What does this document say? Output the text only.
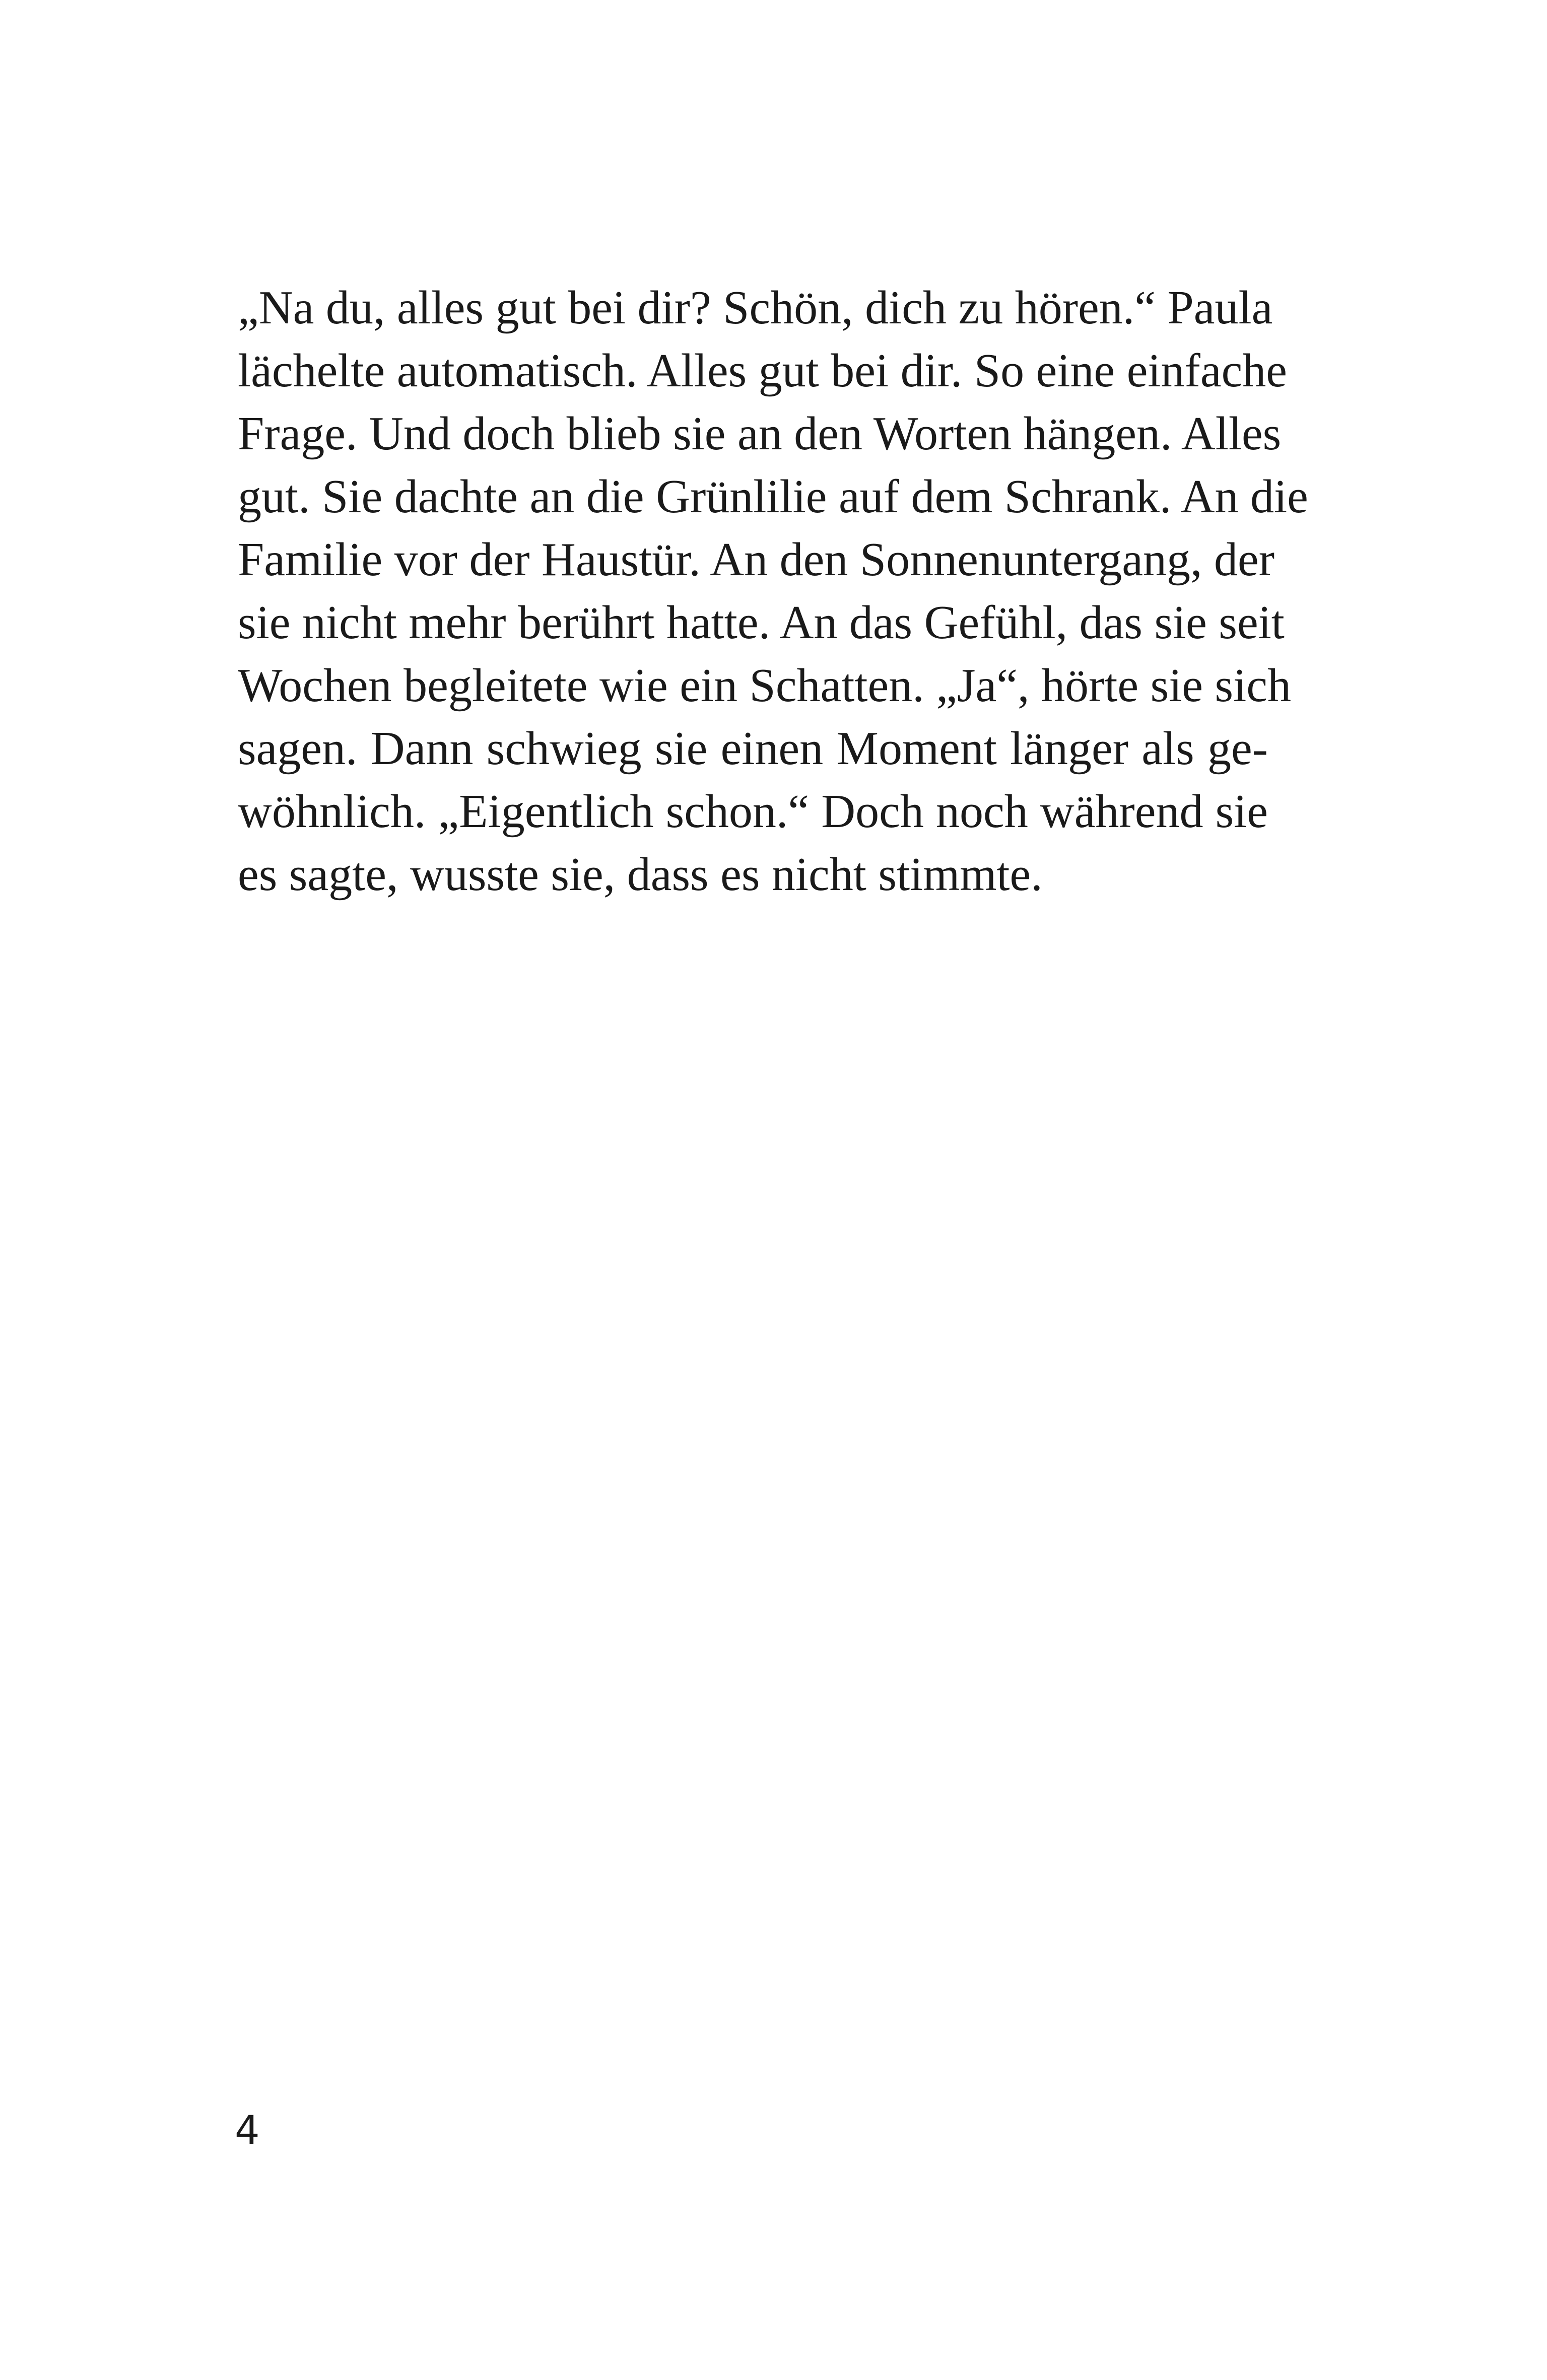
„Na du, alles gut bei dir? Schön, dich zu hören.“ Paula
lächelte automatisch. Alles gut bei dir. So eine einfache
Frage. Und doch blieb sie an den Worten hängen. Alles
gut. Sie dachte an die Grünlilie auf dem Schrank. An die
Familie vor der Haustür. An den Sonnenuntergang, der
sie nicht mehr berührt hatte. An das Gefühl, das sie seit
Wochen begleitete wie ein Schatten. „Ja“, hörte sie sich
sagen. Dann schwieg sie einen Moment länger als ge-
wöhnlich. „Eigentlich schon.“ Doch noch während sie
es sagte, wusste sie, dass es nicht stimmte.
4
